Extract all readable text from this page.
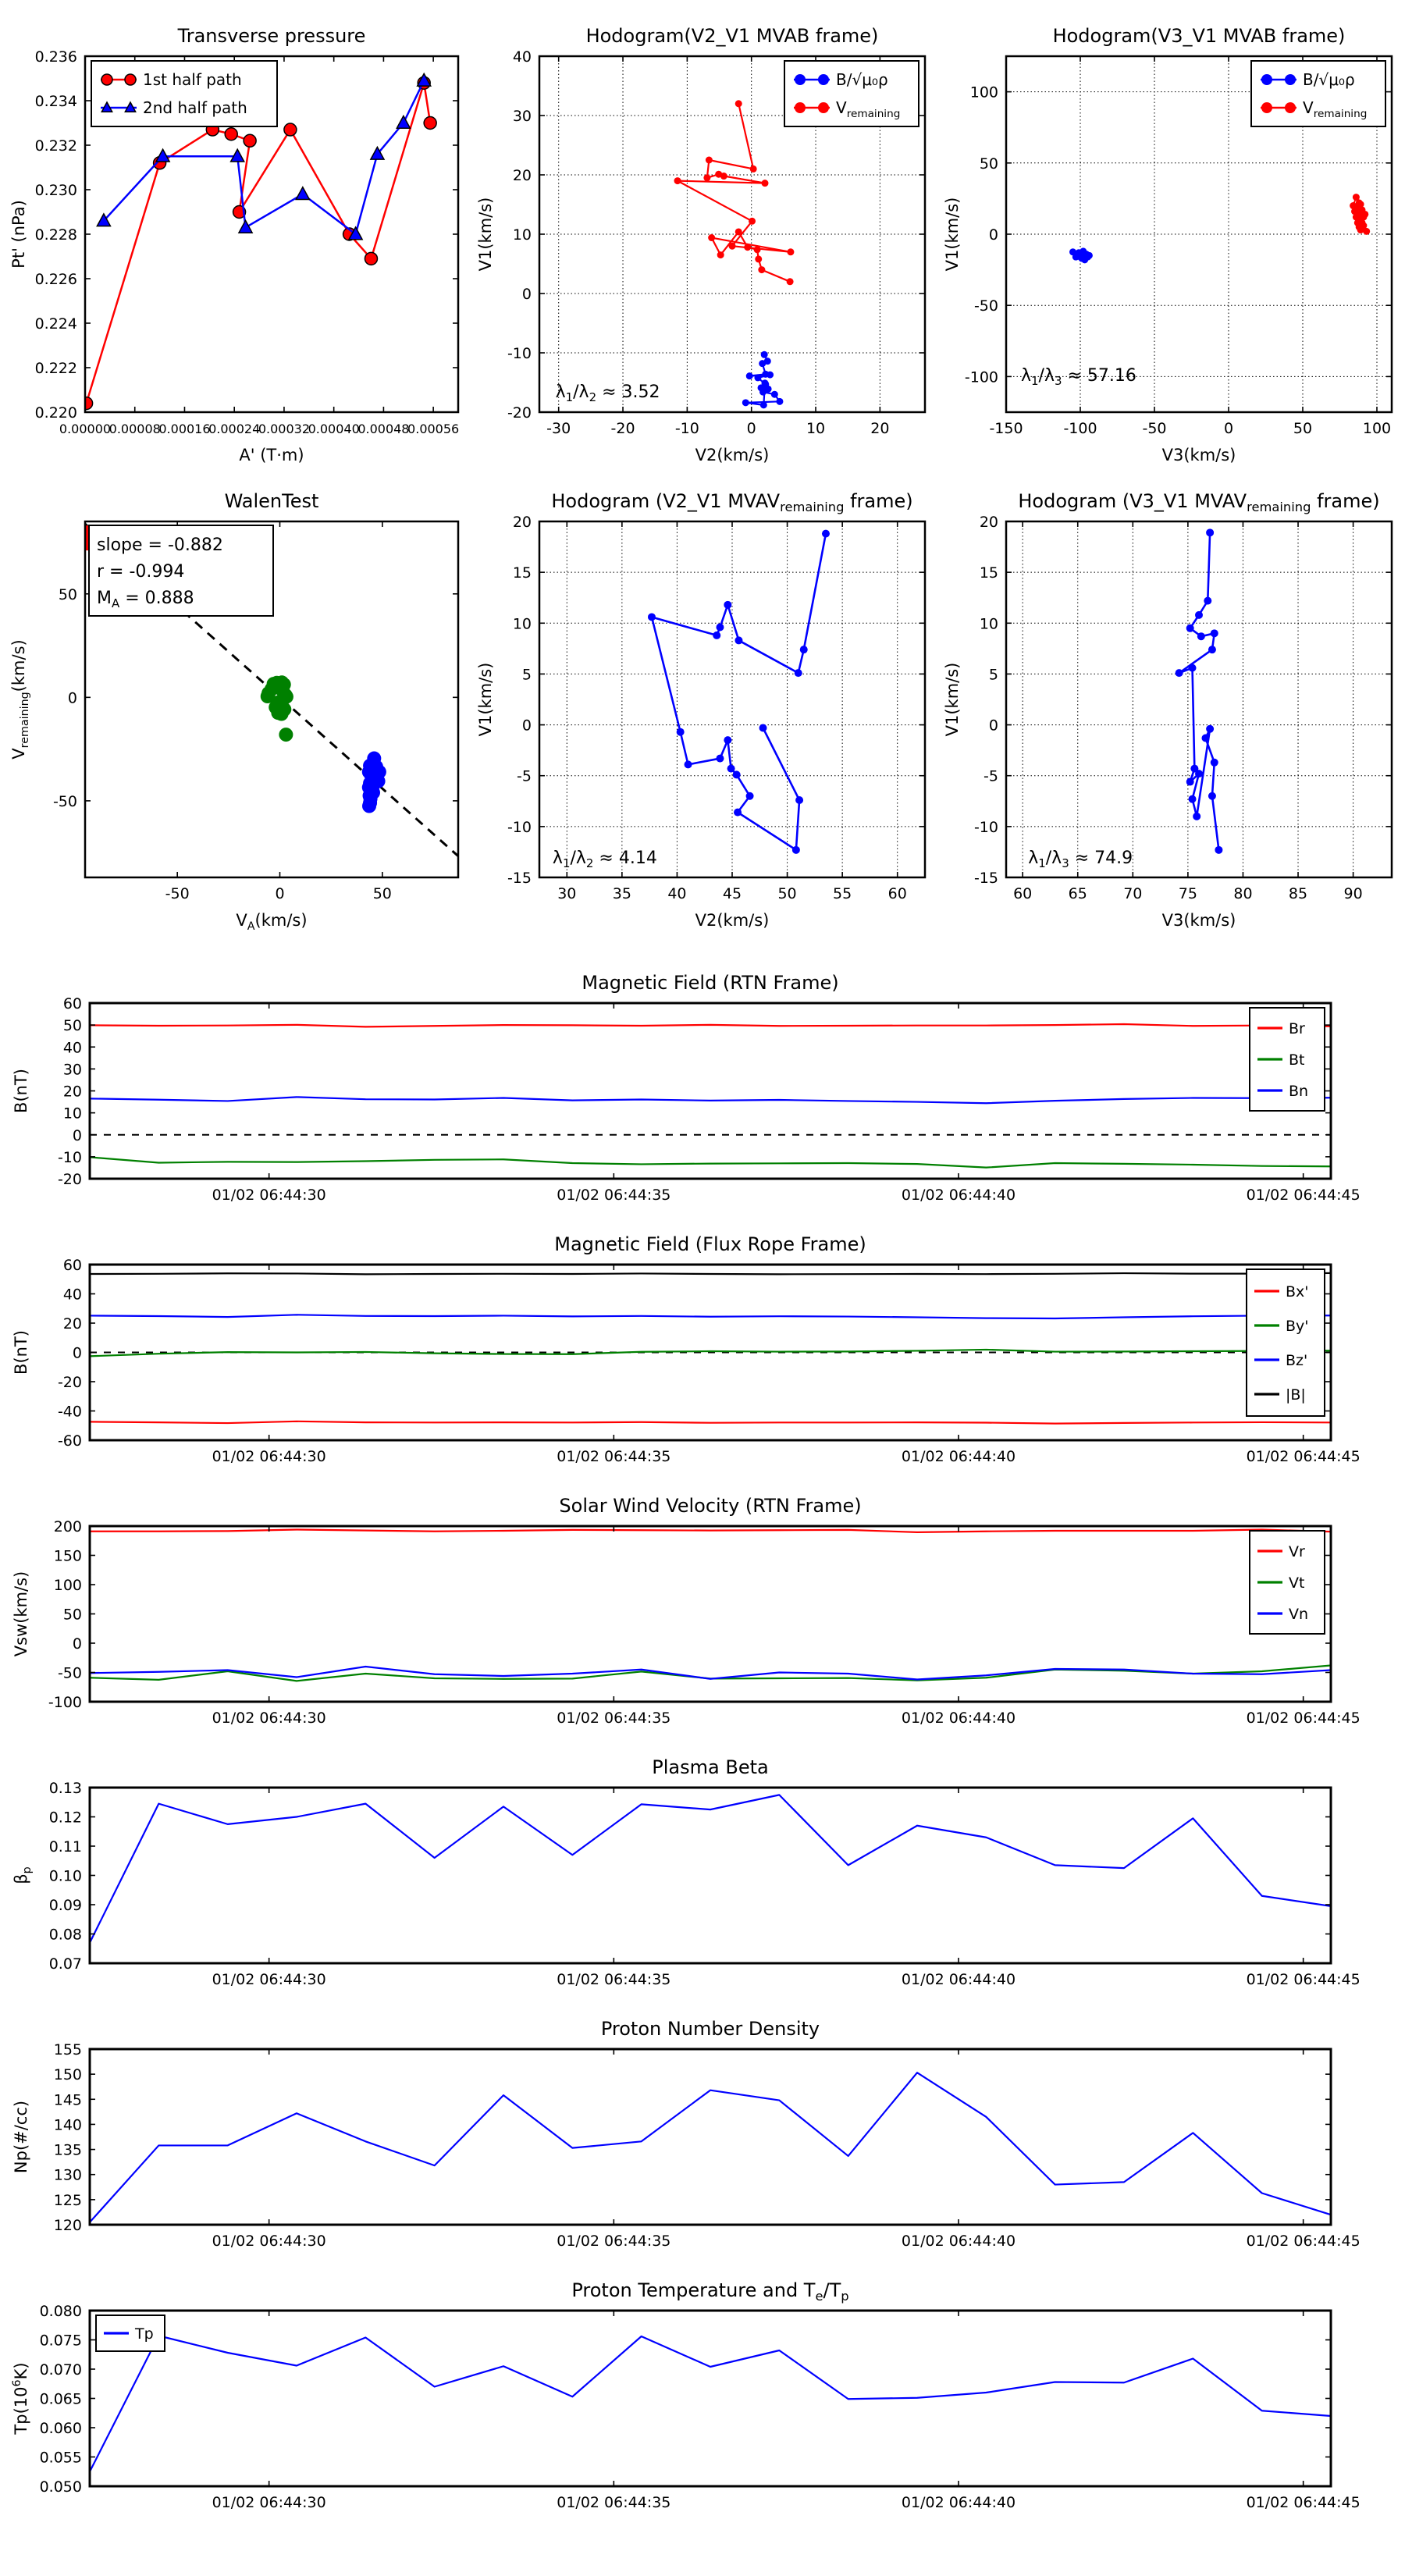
0.00000
0.00008
0.00016
0.00024
0.00032
0.00040
0.00048
0.00056
0.220
0.222
0.224
0.226
0.228
0.230
0.232
0.234
0.236
Transverse pressure
A' (T·m)
Pt' (nPa)
1st half path
2nd half path
-30	-20	-10	0	10	20
-20
-10
0
10
20
30
40
Hodogram(V2_V1 MVAB frame)
V2(km/s)
V1(km/s)
$\lambda_1/\lambda_2 \approx 3.52$
B/√μ₀ρ
$V_{remaining}$
-150	-100	-50	0	50	100
-100
-50
0
50
100
Hodogram(V3_V1 MVAB frame)
V3(km/s)
V1(km/s)
$\lambda_1/\lambda_3 \approx 57.16$
B/√μ₀ρ
$V_{remaining}$
-50	0	50
-50
0
50
WalenTest
$V_A(km/s)$
$V_{remaining}(km/s)$
slope = -0.882
r = -0.994
$M_A = 0.888$
30 35 40 45 50 55 60
-15
-10
-5
0
5
10
15
20
Hodogram (V2_V1 $MVAV_{remaining}$ frame)
V2(km/s)
V1(km/s)
$\lambda_1/\lambda_2 \approx 4.14$
60 65 70 75 80 85 90
-15
-10
-5
0
5
10
15
20
Hodogram (V3_V1 $MVAV_{remaining}$ frame)
V3(km/s)
V1(km/s)
$\lambda_1/\lambda_3 \approx 74.9$
01/02 06:44:30	01/02 06:44:35	01/02 06:44:40	01/02 06:44:45
-20
-10
0
10
20
30
40
50
60
Magnetic Field (RTN Frame)
B(nT)
Br
Bt
Bn
01/02 06:44:30	01/02 06:44:35	01/02 06:44:40	01/02 06:44:45
-60
-40
-20
0
20
40
60
Magnetic Field (Flux Rope Frame)
B(nT)
Bx'
By'
Bz'
|B|
01/02 06:44:30	01/02 06:44:35	01/02 06:44:40	01/02 06:44:45
-100
-50
0
50
100
150
200
Solar Wind Velocity (RTN Frame)
Vsw(km/s)
Vr
Vt
Vn
01/02 06:44:30	01/02 06:44:35	01/02 06:44:40	01/02 06:44:45
0.07
0.08
0.09
0.10
0.11
0.12
0.13
Plasma Beta
$\beta_p$
01/02 06:44:30	01/02 06:44:35	01/02 06:44:40	01/02 06:44:45
120
125
130
135
140
145
150
155
Proton Number Density
Np(#/cc)
01/02 06:44:30	01/02 06:44:35	01/02 06:44:40	01/02 06:44:45
0.050
0.055
0.060
0.065
0.070
0.075
0.080
Proton Temperature and $T_e/T_p$
$Tp(10^6K)$
Tp
